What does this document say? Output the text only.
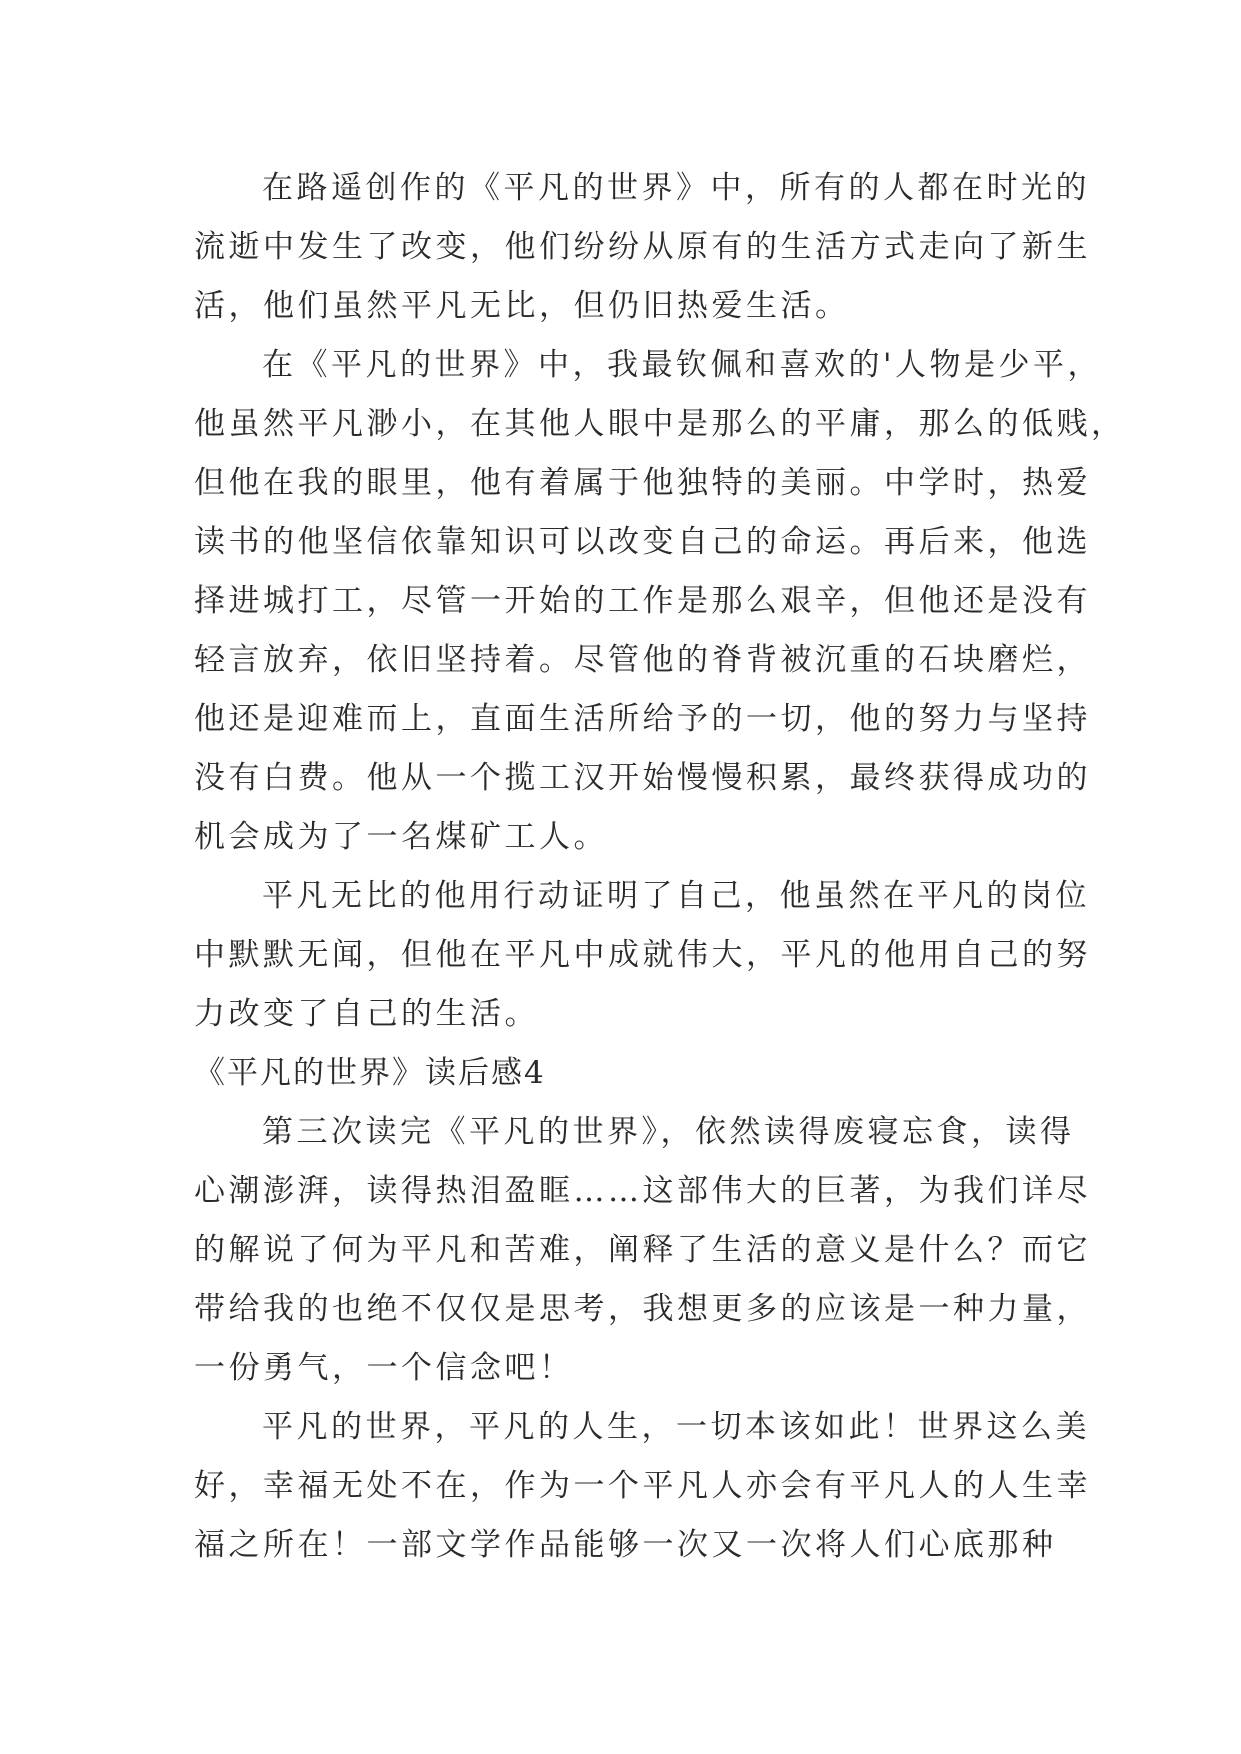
在路遥创作的《平凡的世界》中，所有的人都在时光的
流逝中发生了改变，他们纷纷从原有的生活方式走向了新生
活，他们虽然平凡无比，但仍旧热爱生活。
在《平凡的世界》中，我最钦佩和喜欢的'人物是少平，
他虽然平凡渺小，在其他人眼中是那么的平庸，那么的低贱，
但他在我的眼里，他有着属于他独特的美丽。中学时，热爱
读书的他坚信依靠知识可以改变自己的命运。再后来，他选
择进城打工，尽管一开始的工作是那么艰辛，但他还是没有
轻言放弃，依旧坚持着。尽管他的脊背被沉重的石块磨烂，
他还是迎难而上，直面生活所给予的一切，他的努力与坚持
没有白费。他从一个揽工汉开始慢慢积累，最终获得成功的
机会成为了一名煤矿工人。
平凡无比的他用行动证明了自己，他虽然在平凡的岗位
中默默无闻，但他在平凡中成就伟大，平凡的他用自己的努
力改变了自己的生活。
《平凡的世界》读后感4
第三次读完《平凡的世界》，依然读得废寝忘食，读得
心潮澎湃，读得热泪盈眶……这部伟大的巨著，为我们详尽
的解说了何为平凡和苦难，阐释了生活的意义是什么？而它
带给我的也绝不仅仅是思考，我想更多的应该是一种力量，
一份勇气，一个信念吧！
平凡的世界，平凡的人生，一切本该如此！世界这么美
好，幸福无处不在，作为一个平凡人亦会有平凡人的人生幸
福之所在！一部文学作品能够一次又一次将人们心底那种
